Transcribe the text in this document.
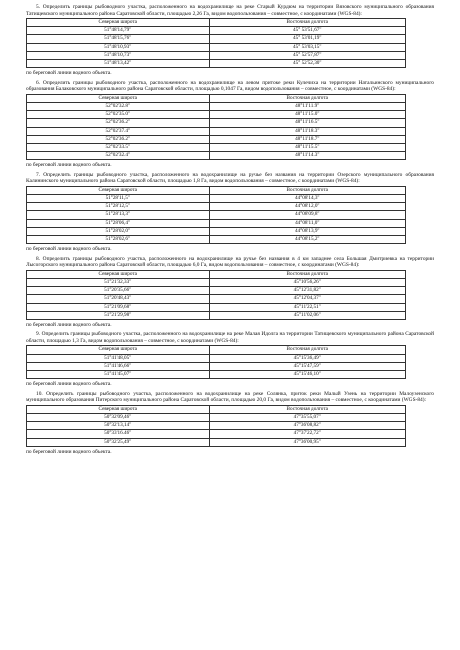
5. Определить границы рыбоводного участка, расположенного на водохранилище на реке Старый Курдюм на территории Вязовского муниципального образования Татищевского муниципального района Саратовской области, площадью 2,26 Га, видом водопользования – совместное, с координатами (WGS-84):

Северная широта	Восточная долгота
51°48'14,79"	45° 53'51,67"
51°48'15,76"	45° 53'01,19"
51°48'10,93"	45° 53'03,15"
51°48'10,73"	45° 52'57,87"
51°48'13,42"	45° 52'52,30"

по береговой линии водного объекта.

6. Определить границы рыбоводного участка, расположенного на водохранилище на левом притоке реки Кулечиха на территории Натальинского муниципального образования Балаковского муниципального района Саратовской области, площадью 0,1047 Га, видом водопользования – совместное, с координатами (WGS-84):

Северная широта	Восточная долгота
52°02'32.8"	48°11'11.9"
52°02'35.0"	48°11'15.0"
52°02'36.2"	48°11'16.5"
52°02'37.4"	48°11'18.3"
52°02'36.2"	48°11'18.7"
52°02'33.5"	48°11'15.5"
52°02'32.4"	48°11'14.3"

по береговой линии водного объекта.

7. Определить границы рыбоводного участка, расположенного на водохранилище на ручье без названия на территории Озерского муниципального образования Калининского муниципального района Саратовской области, площадью 1,8 Га, видом водопользования – совместное, с координатами (WGS-84):

Северная широта	Восточная долгота
51°28'11,5"	44°08'14,3"
51°28'12,5"	44°08'12,0"
51°28'13,3"	44°08'09,8"
51°28'06,4"	44°08'11,0"
51°28'02,0"	44°08'13,9"
51°28'02,6"	44°08'15,2"

по береговой линии водного объекта.

8. Определить границы рыбоводного участка, расположенного на водохранилище на ручье без названия в 4 км западнее села Большая Дмитриевка на территории Лысогорского муниципального района Саратовской области, площадью 6,0 Га, видом водопользования – совместное, с координатами (WGS-84):

Северная широта	Восточная долгота
51°21'32,33"	45°10'56,26"
51°20'35,66"	45°12'31,82"
51°20'48,43"	45°12'04,37"
51°21'09,68"	45°11'22,51"
51°21'29,98"	45°11'02,06"

по береговой линии водного объекта.

9. Определить границы рыбоводного участка, расположенного на водохранилище на реке Малая Идолга на территории Татищевского муниципального района Саратовской области, площадью 1,3 Га, видом водопользования – совместное, с координатами (WGS-84):

Северная широта	Восточная долгота
51°41'48,05"	45°15'36,49"
51°41'46,66"	45°15'47,59"
51°41'45,07"	45°15'46,10"

по береговой линии водного объекта.

10. Определить границы рыбоводного участка, расположенного на водохранилище на реке Солянка, приток реки Малый Узень на территории Малоузенского муниципального образования Питерского муниципального района Саратовской области, площадью 20,0 Га, видом водопользования – совместное, с координатами (WGS-84):

Северная широта	Восточная долгота
50°32'09,46"	47°35'55,07"
50°32'13,14"	47°36'08,82"
50°33'16.46"	47°37'22,72"
50°32'25,49"	47°36'00,95"

по береговой линии водного объекта.
